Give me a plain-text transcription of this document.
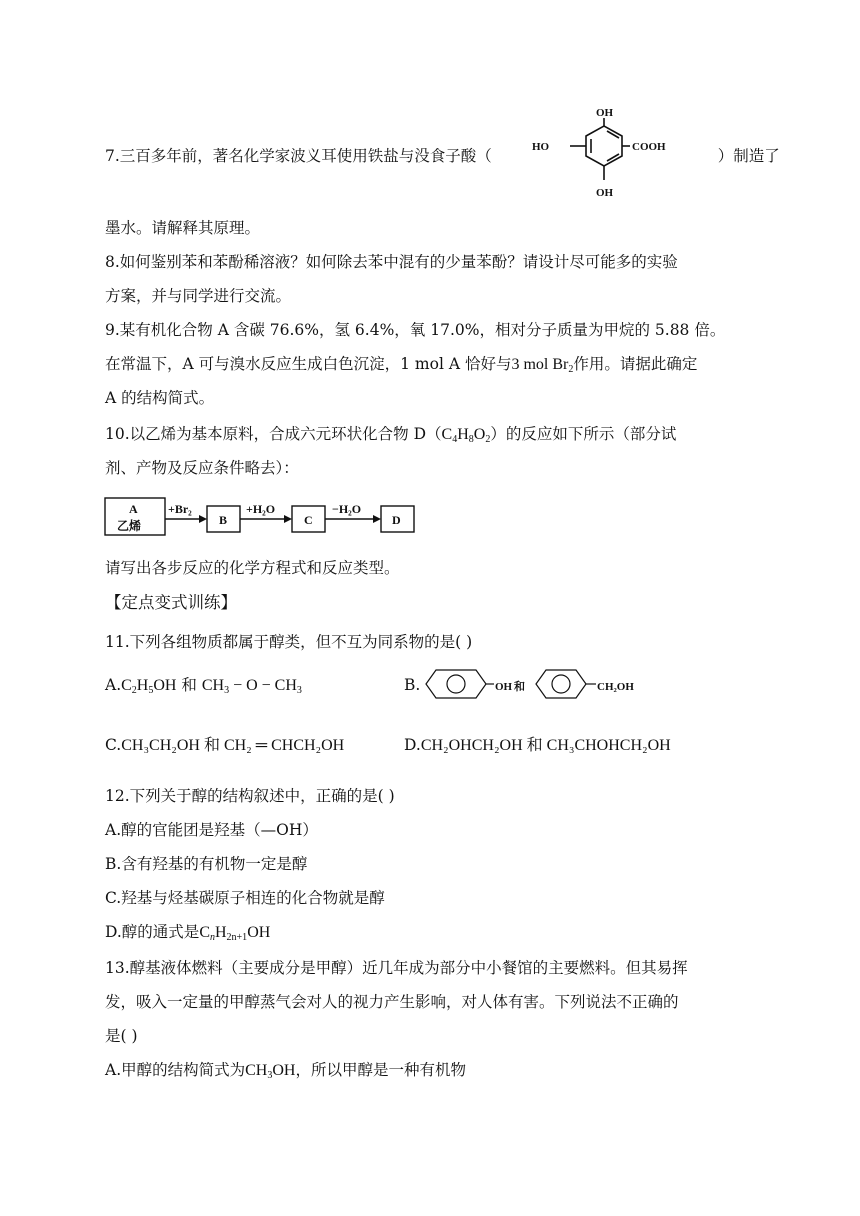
7.三百多年前，著名化学家波义耳使用铁盐与没食子酸（	）制造了
OH
OH
HO	COOH
墨水。请解释其原理。
8.如何鉴别苯和苯酚稀溶液？如何除去苯中混有的少量苯酚？请设计尽可能多的实验
方案，并与同学进行交流。
9.某有机化合物 A 含碳 76.6%，氢 6.4%，氧 17.0%，相对分子质量为甲烷的 5.88 倍。
在常温下，A 可与溴水反应生成白色沉淀，1 mol A 恰好与3 mol $Br_2$作用。请据此确定
A 的结构简式。
10.以乙烯为基本原料，合成六元环状化合物 $D(C_4H_8O_2)$的反应如下所示（部分试
剂、产物及反应条件略去）：
A
乙烯
+Br₂
B
+H₂O
C
−H₂O
D
请写出各步反应的化学方程式和反应类型。
【定点变式训练】
11.下列各组物质都属于醇类，但不互为同系物的是( )
$A.C_2H_5OH$ 和 $CH_3 - O - CH_3$	B.	OH 和	CH₂OH
C.CH₃CH₂OH 和 CH₂ ═ CHCH₂OH	D.CH₂OHCH₂OH 和 CH₃CHOHCH₂OH
12.下列关于醇的结构叙述中，正确的是( )
A.醇的官能团是羟基（—OH）
B.含有羟基的有机物一定是醇
C.羟基与烃基碳原子相连的化合物就是醇
D.醇的通式是$C_nH_{2n+1}OH$
13.醇基液体燃料（主要成分是甲醇）近几年成为部分中小餐馆的主要燃料。但其易挥
发，吸入一定量的甲醇蒸气会对人的视力产生影响，对人体有害。下列说法不正确的
是( )
A.甲醇的结构简式为$CH_3OH$，所以甲醇是一种有机物
